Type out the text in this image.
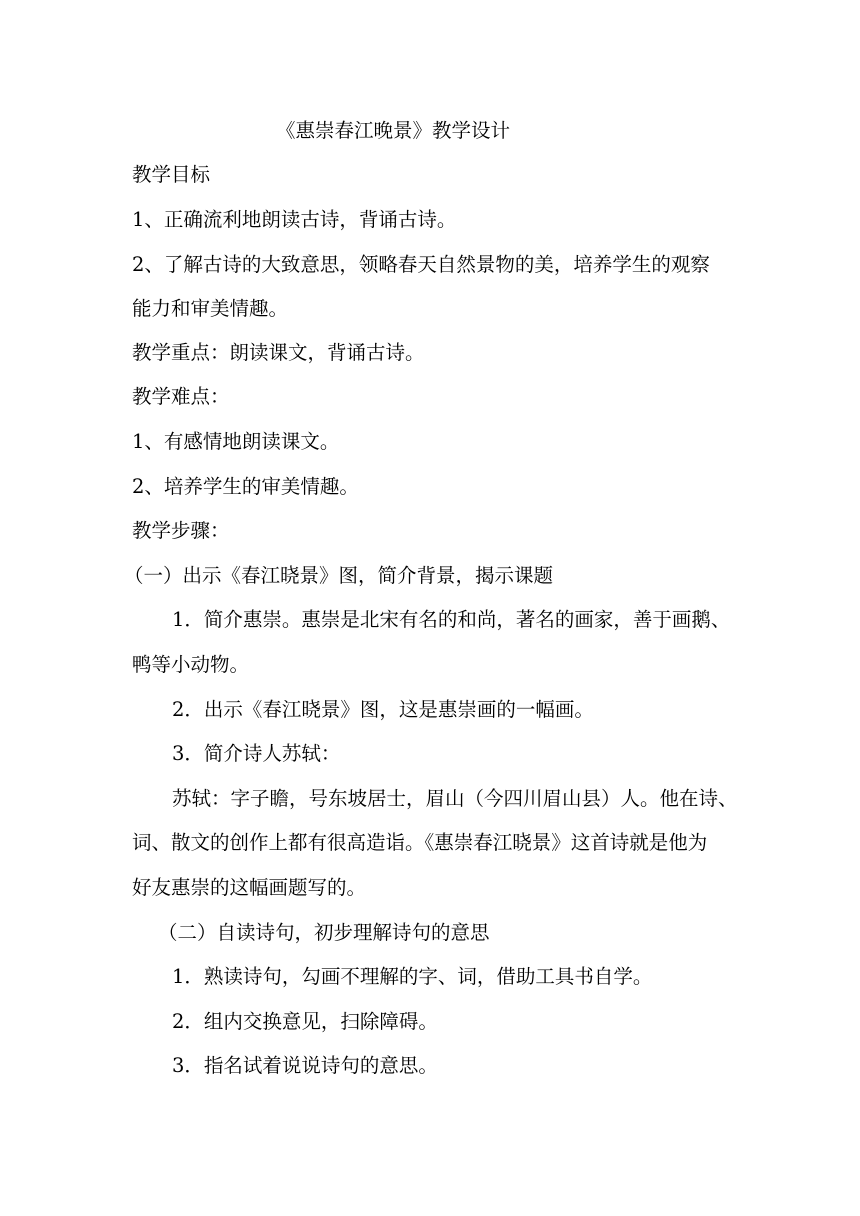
《惠崇春江晚景》教学设计
教学目标
1、正确流利地朗读古诗，背诵古诗。
2、了解古诗的大致意思，领略春天自然景物的美，培养学生的观察
能力和审美情趣。
教学重点：朗读课文，背诵古诗。
教学难点：
1、有感情地朗读课文。
2、培养学生的审美情趣。
教学步骤：
（一）出示《春江晓景》图，简介背景，揭示课题
1．简介惠崇。惠崇是北宋有名的和尚，著名的画家，善于画鹅、
鸭等小动物。
2．出示《春江晓景》图，这是惠崇画的一幅画。
3．简介诗人苏轼：
苏轼：字子瞻，号东坡居士，眉山（今四川眉山县）人。他在诗、
词、散文的创作上都有很高造诣。《惠崇春江晓景》这首诗就是他为
好友惠崇的这幅画题写的。
（二）自读诗句，初步理解诗句的意思
1．熟读诗句，勾画不理解的字、词，借助工具书自学。
2．组内交换意见，扫除障碍。
3．指名试着说说诗句的意思。
